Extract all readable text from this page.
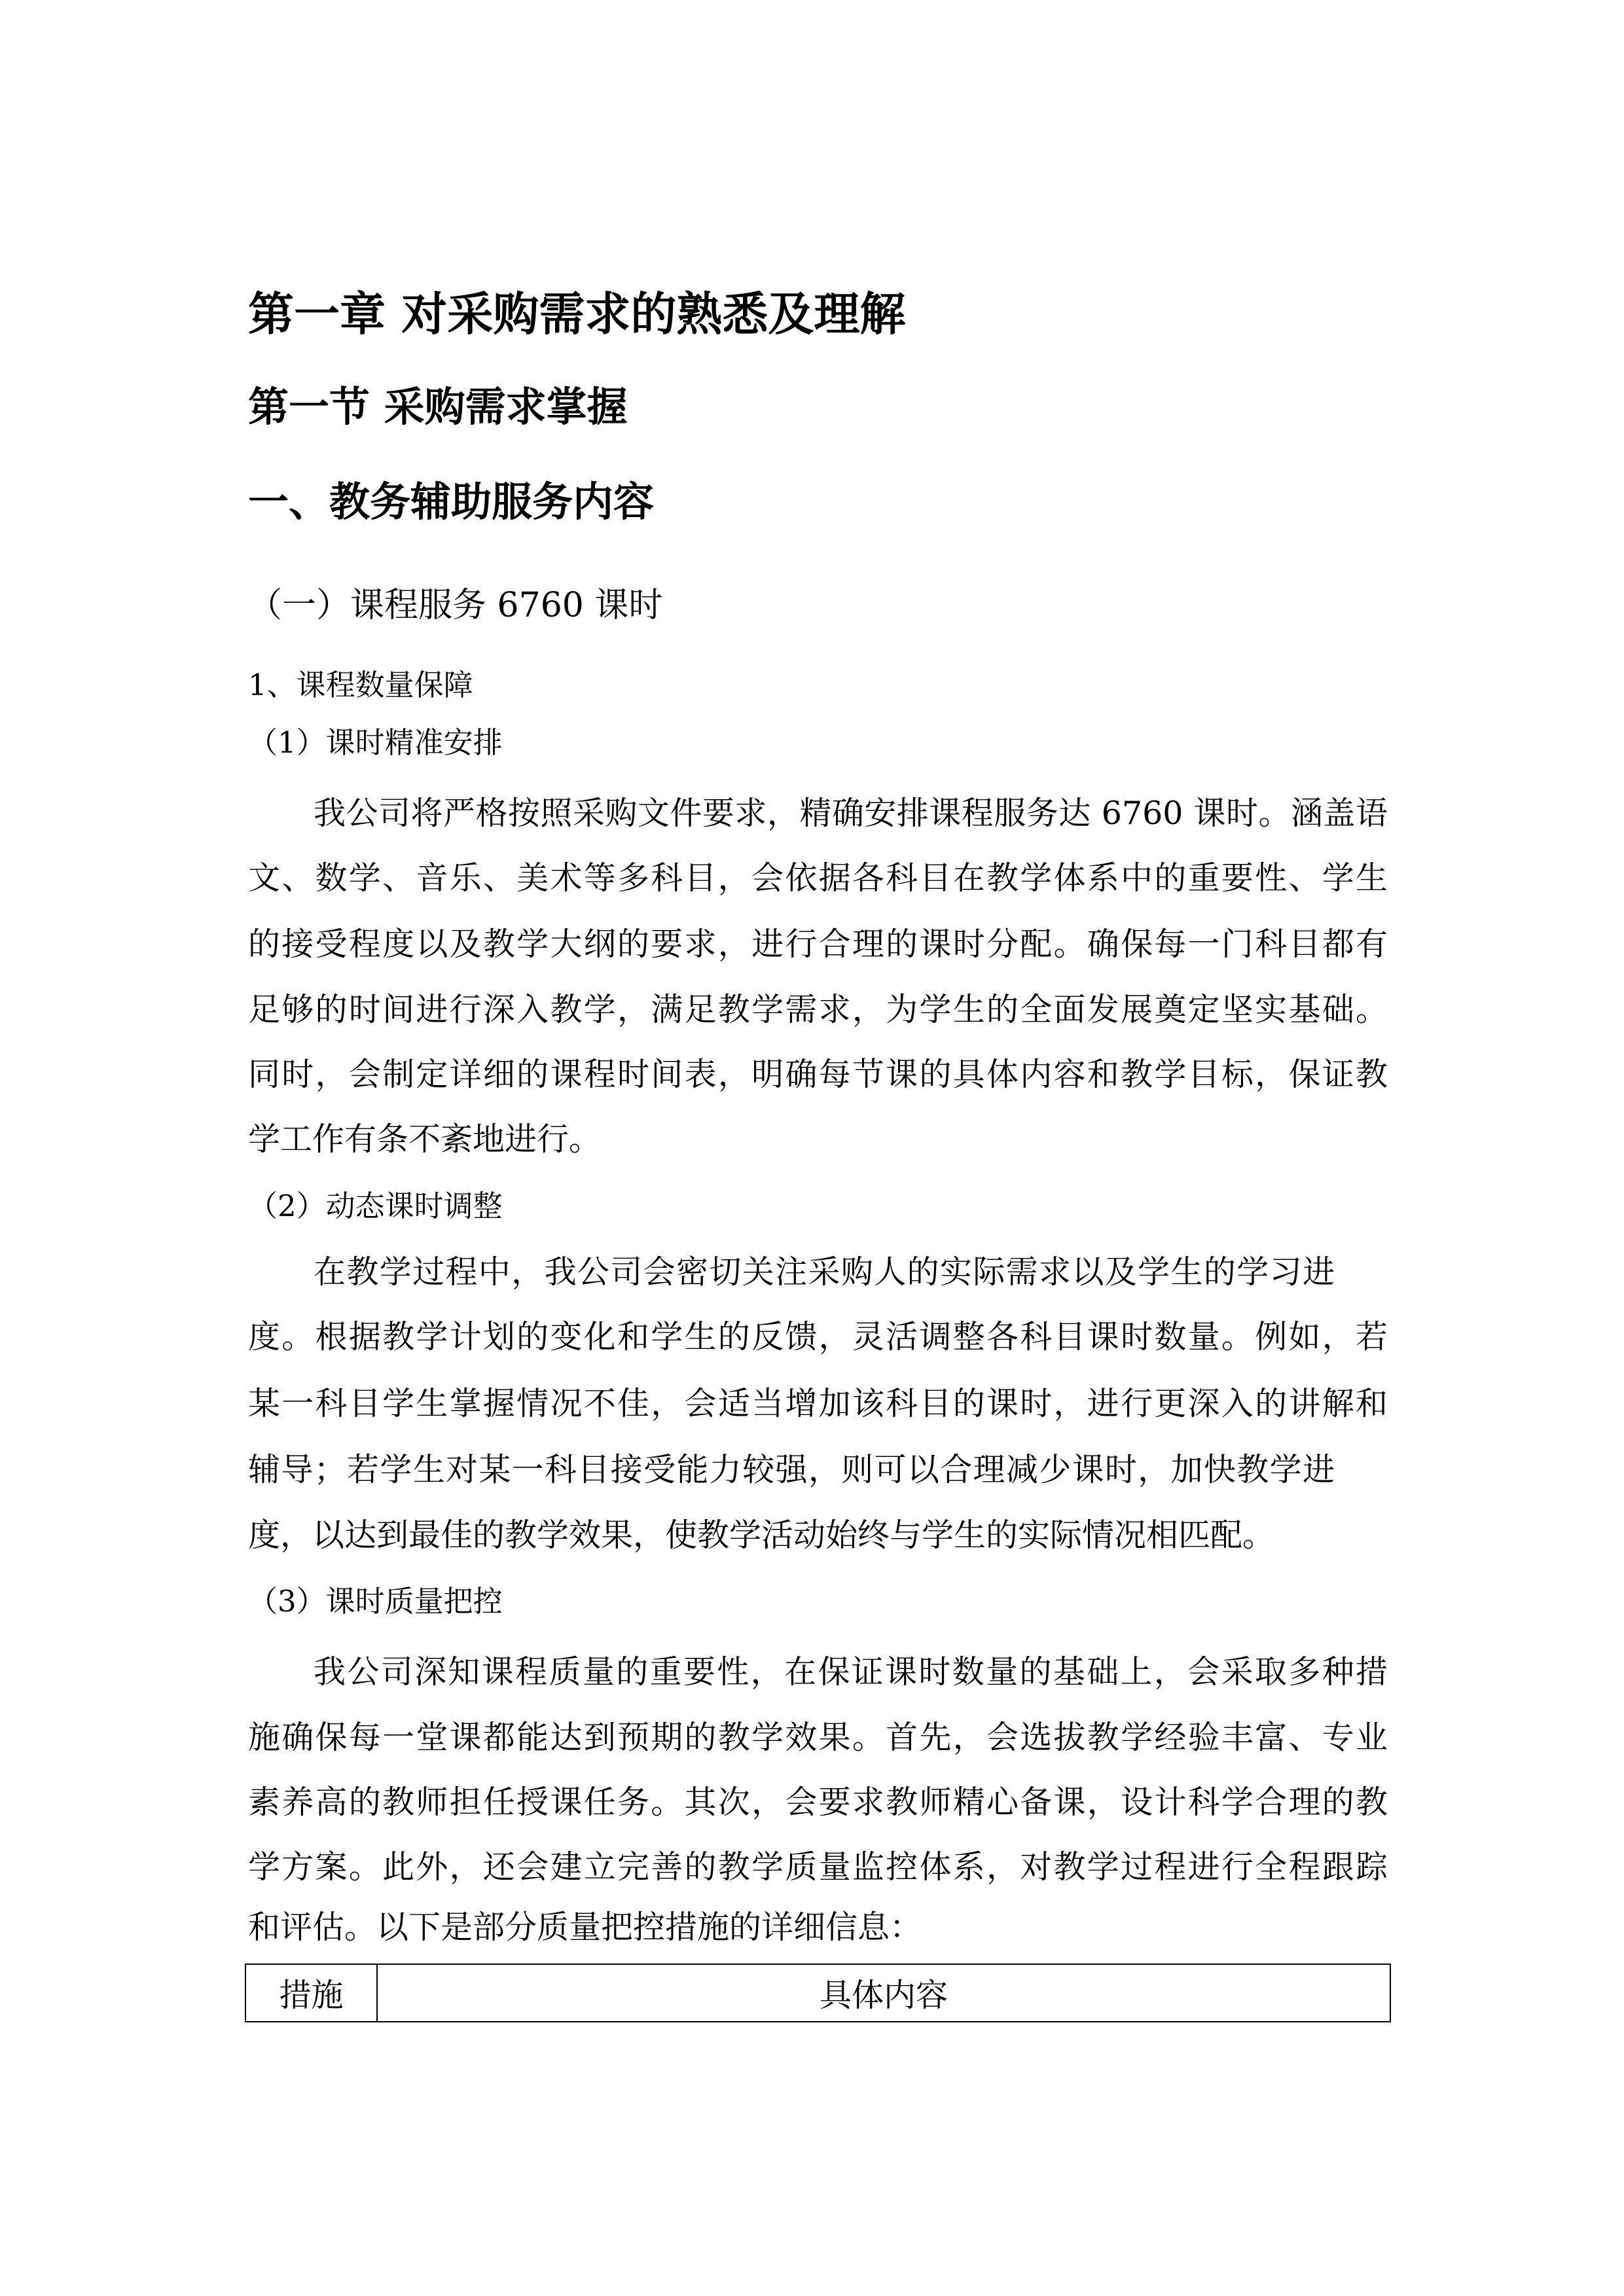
第一章 对采购需求的熟悉及理解
第一节 采购需求掌握
一、教务辅助服务内容
（一）课程服务 6760 课时
1、课程数量保障
（1）课时精准安排
我公司将严格按照采购文件要求，精确安排课程服务达 6760 课时。涵盖语
文、数学、音乐、美术等多科目，会依据各科目在教学体系中的重要性、学生
的接受程度以及教学大纲的要求，进行合理的课时分配。确保每一门科目都有
足够的时间进行深入教学，满足教学需求，为学生的全面发展奠定坚实基础。
同时，会制定详细的课程时间表，明确每节课的具体内容和教学目标，保证教
学工作有条不紊地进行。
（2）动态课时调整
在教学过程中，我公司会密切关注采购人的实际需求以及学生的学习进
度。根据教学计划的变化和学生的反馈，灵活调整各科目课时数量。例如，若
某一科目学生掌握情况不佳，会适当增加该科目的课时，进行更深入的讲解和
辅导；若学生对某一科目接受能力较强，则可以合理减少课时，加快教学进
度，以达到最佳的教学效果，使教学活动始终与学生的实际情况相匹配。
（3）课时质量把控
我公司深知课程质量的重要性，在保证课时数量的基础上，会采取多种措
施确保每一堂课都能达到预期的教学效果。首先，会选拔教学经验丰富、专业
素养高的教师担任授课任务。其次，会要求教师精心备课，设计科学合理的教
学方案。此外，还会建立完善的教学质量监控体系，对教学过程进行全程跟踪
和评估。以下是部分质量把控措施的详细信息：
措施	具体内容
